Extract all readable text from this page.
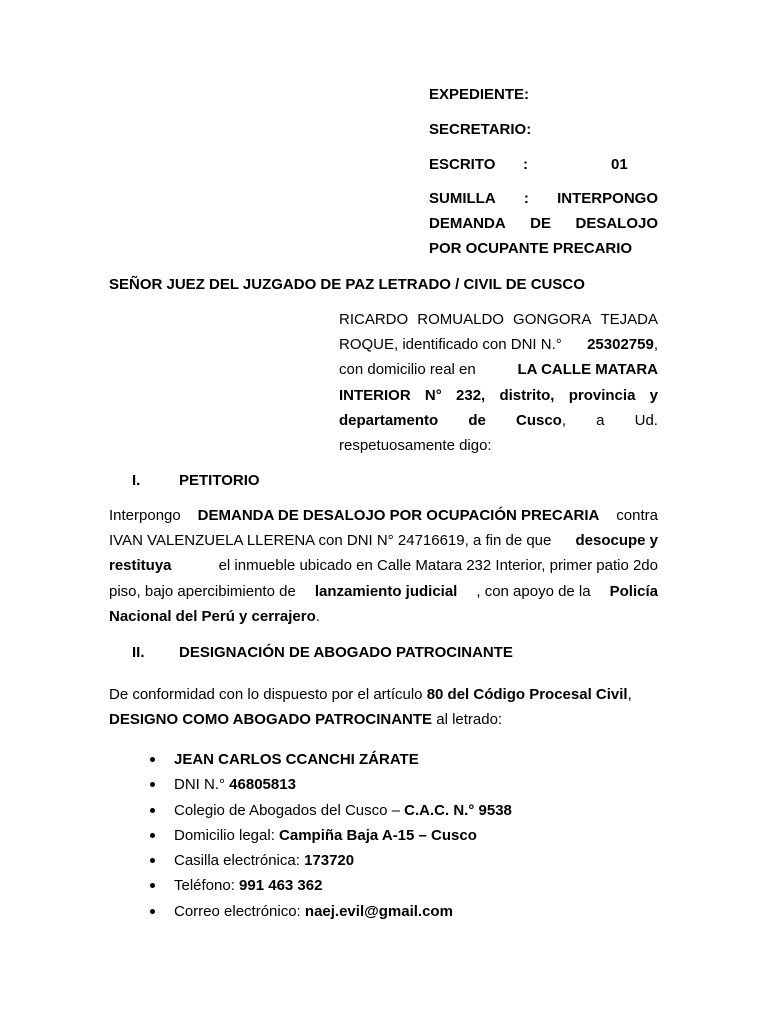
EXPEDIENTE:
SECRETARIO:
ESCRITO	:	01
SUMILLA : INTERPONGO
DEMANDA DE DESALOJO
POR OCUPANTE PRECARIO
SEÑOR JUEZ DEL JUZGADO DE PAZ LETRADO / CIVIL DE CUSCO
RICARDO ROMUALDO GONGORA TEJADA
ROQUE, identificado con DNI N.° 25302759,
con domicilio real en	LA CALLE MATARA
INTERIOR N° 232, distrito, provincia y
departamento de Cusco, a Ud.
respetuosamente digo:
I.	PETITORIO
Interpongo DEMANDA DE DESALOJO POR OCUPACIÓN PRECARIA contra
IVAN VALENZUELA LLERENA con DNI N° 24716619, a fin de que desocupe y
restituya	el inmueble ubicado en Calle Matara 232 Interior, primer patio 2do
piso, bajo apercibimiento de lanzamiento judicial , con apoyo de la Policía
Nacional del Perú y cerrajero.
II.	DESIGNACIÓN DE ABOGADO PATROCINANTE
De conformidad con lo dispuesto por el artículo 80 del Código Procesal Civil,
DESIGNO COMO ABOGADO PATROCINANTE al letrado:
JEAN CARLOS CCANCHI ZÁRATE
DNI N.° 46805813
Colegio de Abogados del Cusco – C.A.C. N.° 9538
Domicilio legal: Campiña Baja A-15 – Cusco
Casilla electrónica: 173720
Teléfono: 991 463 362
Correo electrónico: naej.evil@gmail.com
